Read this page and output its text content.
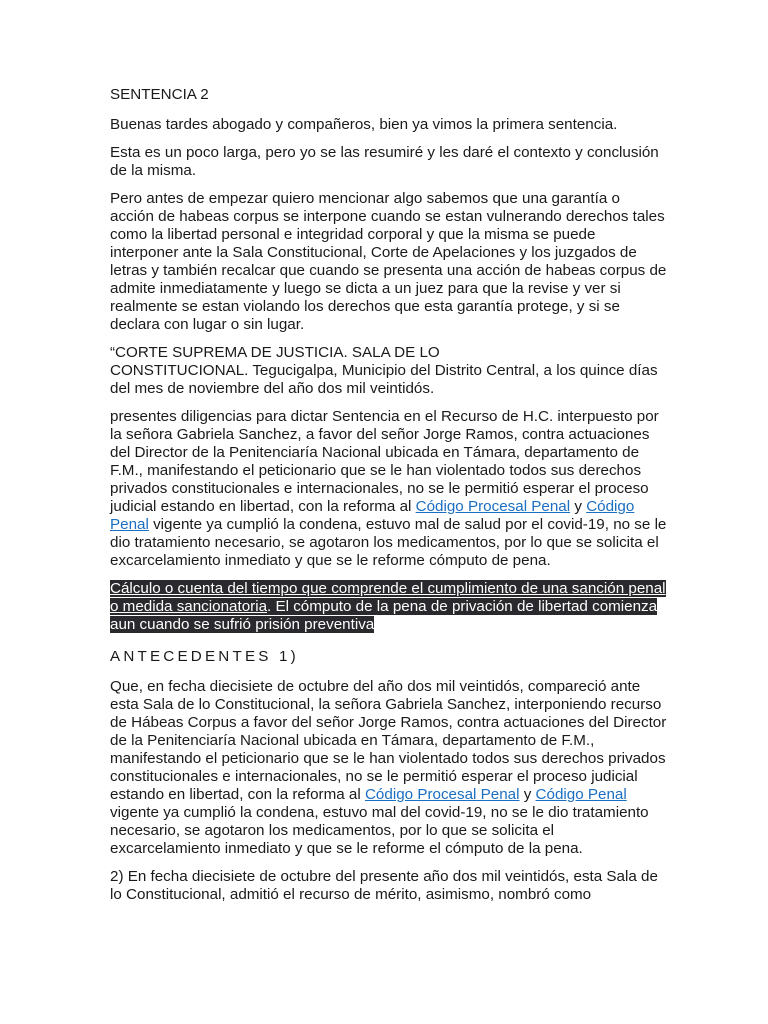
SENTENCIA 2

Buenas tardes abogado y compañeros, bien ya vimos la primera sentencia.

Esta es un poco larga, pero yo se las resumiré y les daré el contexto y conclusión de la misma.

Pero antes de empezar quiero mencionar algo sabemos que una garantía o acción de habeas corpus se interpone cuando se estan vulnerando derechos tales como la libertad personal e integridad corporal y que la misma se puede interponer ante la Sala Constitucional, Corte de Apelaciones y los juzgados de letras y también recalcar que cuando se presenta una acción de habeas corpus de admite inmediatamente y luego se dicta a un juez para que la revise y ver si realmente se estan violando los derechos que esta garantía protege, y si se declara con lugar o sin lugar.

“CORTE SUPREMA DE JUSTICIA. SALA DE LO
CONSTITUCIONAL. Tegucigalpa, Municipio del Distrito Central, a los quince días del mes de noviembre del año dos mil veintidós.

presentes diligencias para dictar Sentencia en el Recurso de H.C. interpuesto por la señora Gabriela Sanchez, a favor del señor Jorge Ramos, contra actuaciones del Director de la Penitenciaría Nacional ubicada en Támara, departamento de F.M., manifestando el peticionario que se le han violentado todos sus derechos privados constitucionales e internacionales, no se le permitió esperar el proceso judicial estando en libertad, con la reforma al Código Procesal Penal y Código Penal vigente ya cumplió la condena, estuvo mal de salud por el covid-19, no se le dio tratamiento necesario, se agotaron los medicamentos, por lo que se solicita el excarcelamiento inmediato y que se le reforme cómputo de pena.

Cálculo o cuenta del tiempo que comprende el cumplimiento de una sanción penal o medida sancionatoria. El cómputo de la pena de privación de libertad comienza aun cuando se sufrió prisión preventiva

ANTECEDENTES 1)

Que, en fecha diecisiete de octubre del año dos mil veintidós, compareció ante esta Sala de lo Constitucional, la señora Gabriela Sanchez, interponiendo recurso de Hábeas Corpus a favor del señor Jorge Ramos, contra actuaciones del Director de la Penitenciaría Nacional ubicada en Támara, departamento de F.M., manifestando el peticionario que se le han violentado todos sus derechos privados constitucionales e internacionales, no se le permitió esperar el proceso judicial estando en libertad, con la reforma al Código Procesal Penal y Código Penal vigente ya cumplió la condena, estuvo mal del covid-19, no se le dio tratamiento necesario, se agotaron los medicamentos, por lo que se solicita el excarcelamiento inmediato y que se le reforme el cómputo de la pena.

2) En fecha diecisiete de octubre del presente año dos mil veintidós, esta Sala de lo Constitucional, admitió el recurso de mérito, asimismo, nombró como
